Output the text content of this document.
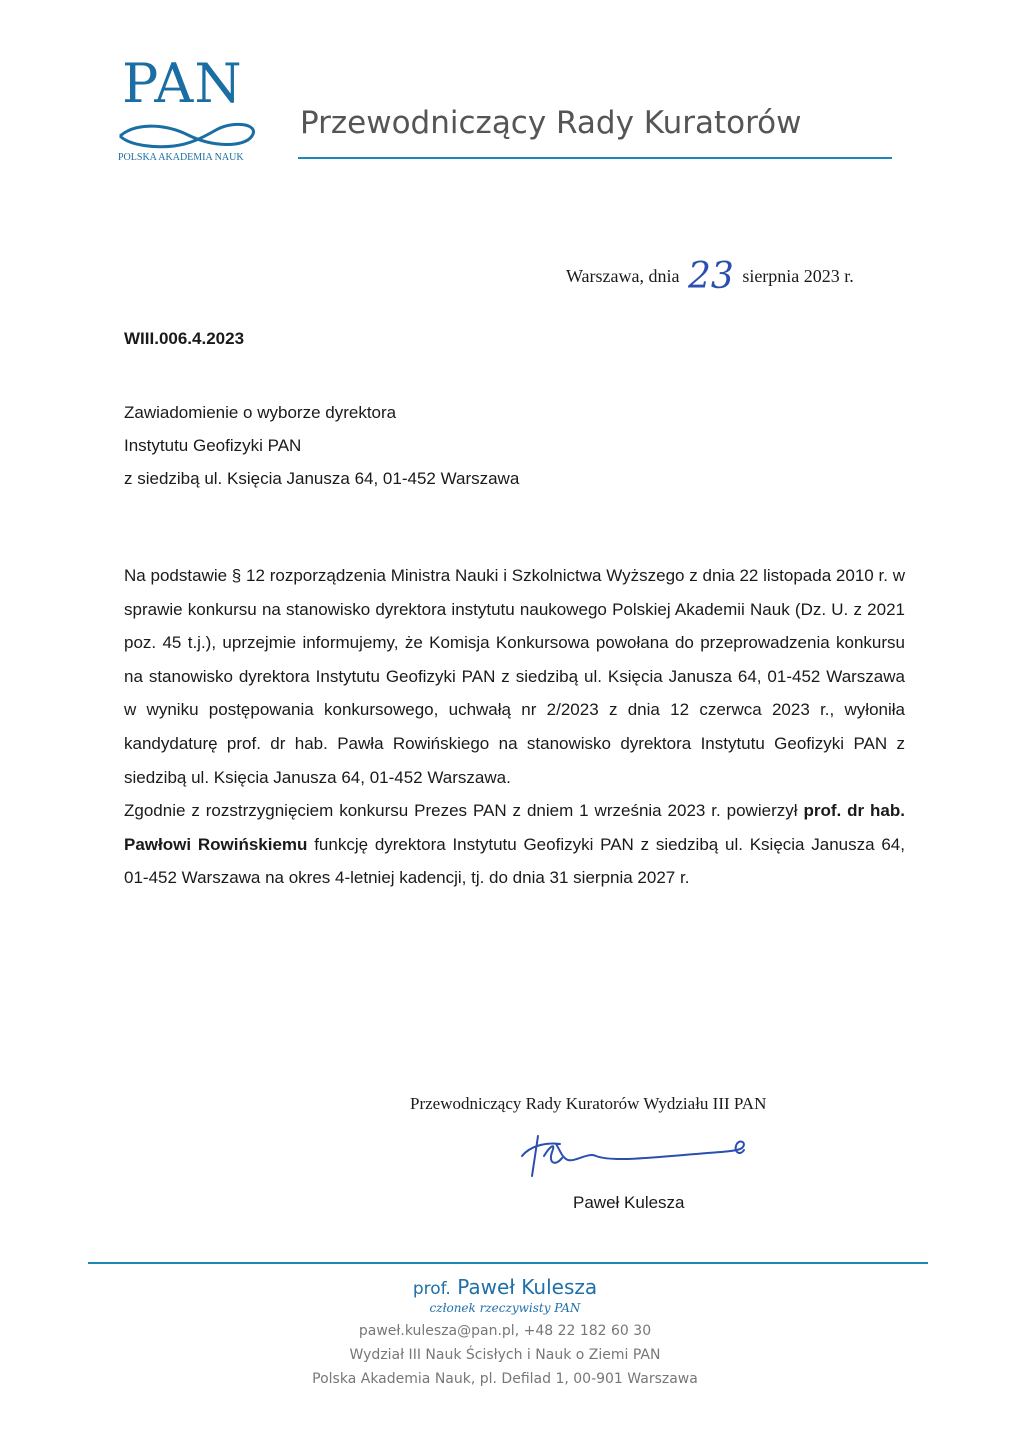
PAN
POLSKA AKADEMIA NAUK
Przewodniczący Rady Kuratorów
Warszawa, dnia 23 sierpnia 2023 r.
WIII.006.4.2023
Zawiadomienie o wyborze dyrektora
Instytutu Geofizyki PAN
z siedzibą ul. Księcia Janusza 64, 01-452 Warszawa

Na podstawie § 12 rozporządzenia Ministra Nauki i Szkolnictwa Wyższego z dnia 22 listopada 2010 r. w sprawie konkursu na stanowisko dyrektora instytutu naukowego Polskiej Akademii Nauk (Dz. U. z 2021 poz. 45 t.j.), uprzejmie informujemy, że Komisja Konkursowa powołana do przeprowadzenia konkursu na stanowisko dyrektora Instytutu Geofizyki PAN z siedzibą ul. Księcia Janusza 64, 01-452 Warszawa w wyniku postępowania konkursowego, uchwałą nr 2/2023 z dnia 12 czerwca 2023 r., wyłoniła kandydaturę prof. dr hab. Pawła Rowińskiego na stanowisko dyrektora Instytutu Geofizyki PAN z siedzibą ul. Księcia Janusza 64, 01-452 Warszawa.

Zgodnie z rozstrzygnięciem konkursu Prezes PAN z dniem 1 września 2023 r. powierzył prof. dr hab. Pawłowi Rowińskiemu funkcję dyrektora Instytutu Geofizyki PAN z siedzibą ul. Księcia Janusza 64, 01-452 Warszawa na okres 4-letniej kadencji, tj. do dnia 31 sierpnia 2027 r.

Przewodniczący Rady Kuratorów Wydziału III PAN
Paweł Kulesza
prof. Paweł Kulesza
członek rzeczywisty PAN
paweł.kulesza@pan.pl, +48 22 182 60 30
Wydział III Nauk Ścisłych i Nauk o Ziemi PAN
Polska Akademia Nauk, pl. Defilad 1, 00-901 Warszawa
